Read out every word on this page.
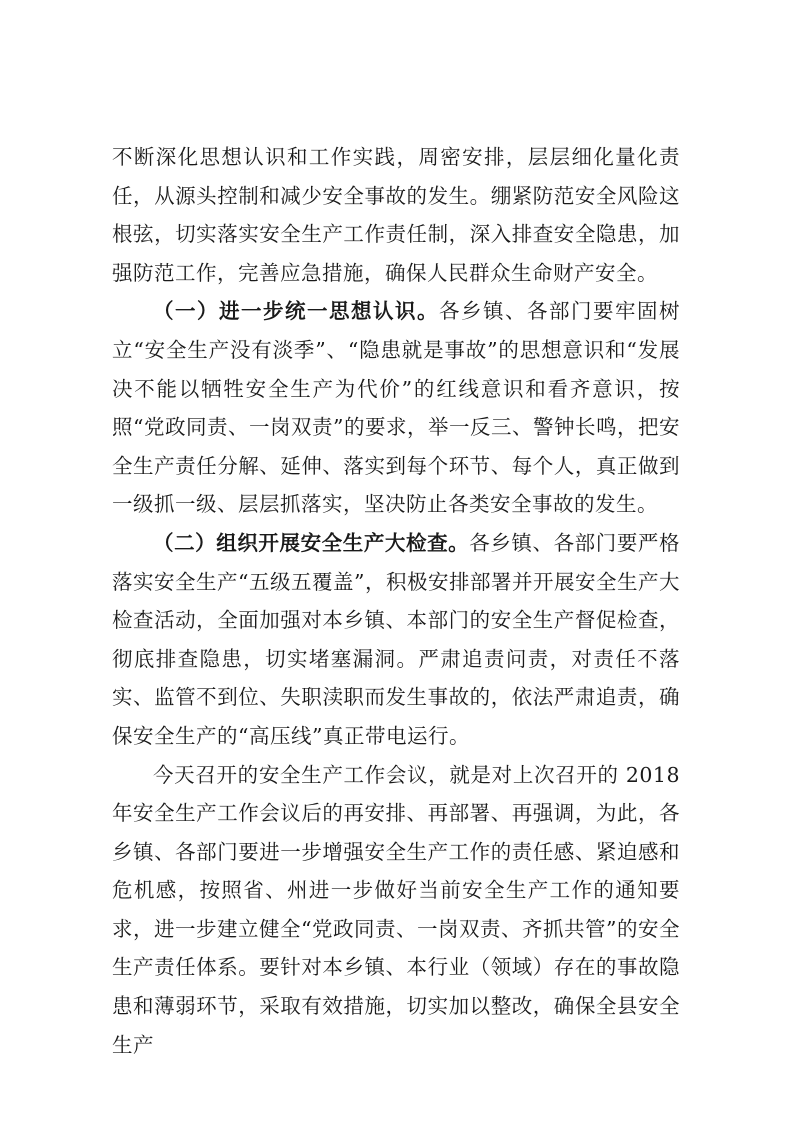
不断深化思想认识和工作实践，周密安排，层层细化量化责任，从源头控制和减少安全事故的发生。绷紧防范安全风险这根弦，切实落实安全生产工作责任制，深入排查安全隐患，加强防范工作，完善应急措施，确保人民群众生命财产安全。

（一）进一步统一思想认识。各乡镇、各部门要牢固树立“安全生产没有淡季”、“隐患就是事故”的思想意识和“发展决不能以牺牲安全生产为代价”的红线意识和看齐意识，按照“党政同责、一岗双责”的要求，举一反三、警钟长鸣，把安全生产责任分解、延伸、落实到每个环节、每个人，真正做到一级抓一级、层层抓落实，坚决防止各类安全事故的发生。

（二）组织开展安全生产大检查。各乡镇、各部门要严格落实安全生产“五级五覆盖”，积极安排部署并开展安全生产大检查活动，全面加强对本乡镇、本部门的安全生产督促检查，彻底排查隐患，切实堵塞漏洞。严肃追责问责，对责任不落实、监管不到位、失职渎职而发生事故的，依法严肃追责，确保安全生产的“高压线”真正带电运行。

今天召开的安全生产工作会议，就是对上次召开的 2018 年安全生产工作会议后的再安排、再部署、再强调，为此，各乡镇、各部门要进一步增强安全生产工作的责任感、紧迫感和危机感，按照省、州进一步做好当前安全生产工作的通知要求，进一步建立健全“党政同责、一岗双责、齐抓共管”的安全生产责任体系。要针对本乡镇、本行业（领域）存在的事故隐患和薄弱环节，采取有效措施，切实加以整改，确保全县安全生产
